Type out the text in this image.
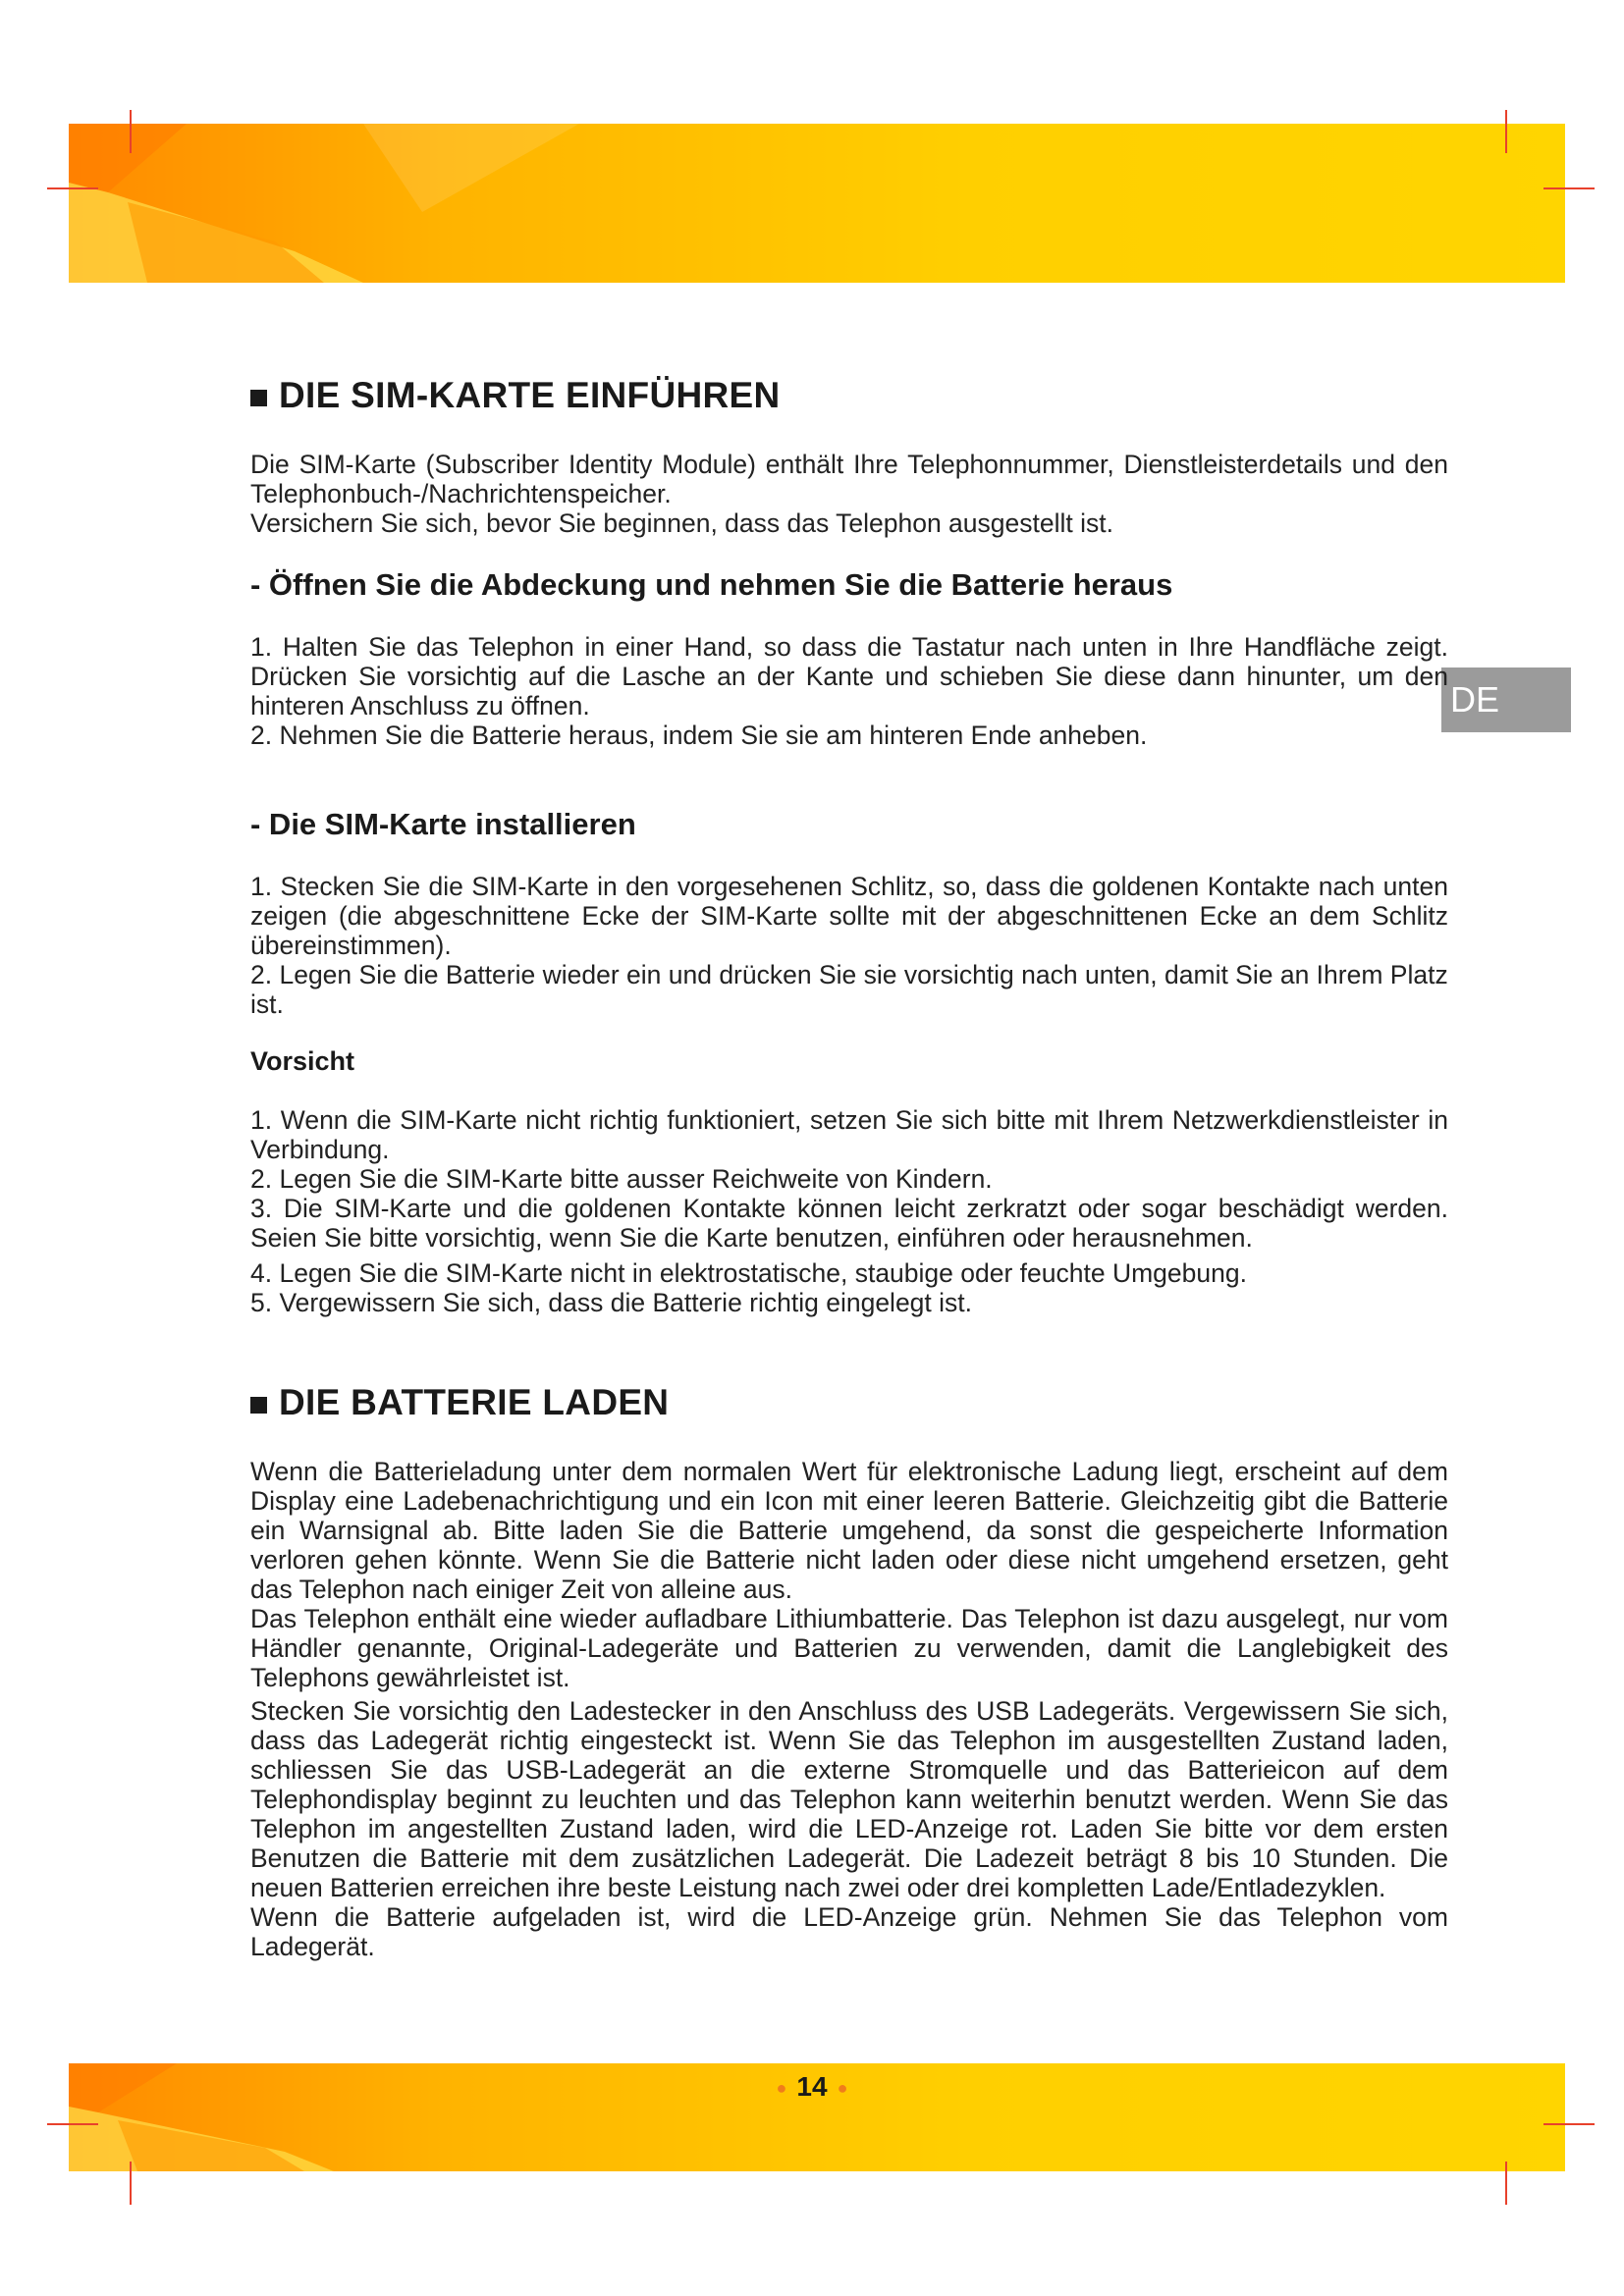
DE
DIE SIM-KARTE EINFÜHREN

Die SIM-Karte (Subscriber Identity Module) enthält Ihre Telephonnummer, Dienstleisterdetails und den Telephonbuch-/Nachrichtenspeicher.

Versichern Sie sich, bevor Sie beginnen, dass das Telephon ausgestellt ist.

- Öffnen Sie die Abdeckung und nehmen Sie die Batterie heraus

1. Halten Sie das Telephon in einer Hand, so dass die Tastatur nach unten in Ihre Handfläche zeigt. Drücken Sie vorsichtig auf die Lasche an der Kante und schieben Sie diese dann hinunter, um den hinteren Anschluss zu öffnen.

2. Nehmen Sie die Batterie heraus, indem Sie sie am hinteren Ende anheben.

- Die SIM-Karte installieren

1. Stecken Sie die SIM-Karte in den vorgesehenen Schlitz, so, dass die goldenen Kontakte nach unten zeigen (die abgeschnittene Ecke der SIM-Karte sollte mit der abgeschnittenen Ecke an dem Schlitz übereinstimmen).

2. Legen Sie die Batterie wieder ein und drücken Sie sie vorsichtig nach unten, damit Sie an Ihrem Platz ist.

Vorsicht

1. Wenn die SIM-Karte nicht richtig funktioniert, setzen Sie sich bitte mit Ihrem Netzwerkdienstleister in Verbindung.

2. Legen Sie die SIM-Karte bitte ausser Reichweite von Kindern.

3. Die SIM-Karte und die goldenen Kontakte können leicht zerkratzt oder sogar beschädigt werden. Seien Sie bitte vorsichtig, wenn Sie die Karte benutzen, einführen oder herausnehmen.

4. Legen Sie die SIM-Karte nicht in elektrostatische, staubige oder feuchte Umgebung.

5. Vergewissern Sie sich, dass die Batterie richtig eingelegt ist.

DIE BATTERIE LADEN

Wenn die Batterieladung unter dem normalen Wert für elektronische Ladung liegt, erscheint auf dem Display eine Ladebenachrichtigung und ein Icon mit einer leeren Batterie. Gleichzeitig gibt die Batterie ein Warnsignal ab. Bitte laden Sie die Batterie umgehend, da sonst die gespeicherte Information verloren gehen könnte. Wenn Sie die Batterie nicht laden oder diese nicht umgehend ersetzen, geht das Telephon nach einiger Zeit von alleine aus.

Das Telephon enthält eine wieder aufladbare Lithiumbatterie. Das Telephon ist dazu ausgelegt, nur vom Händler genannte, Original-Ladegeräte und Batterien zu verwenden, damit die Langlebigkeit des Telephons gewährleistet ist.

Stecken Sie vorsichtig den Ladestecker in den Anschluss des USB Ladegeräts. Vergewissern Sie sich, dass das Ladegerät richtig eingesteckt ist. Wenn Sie das Telephon im ausgestellten Zustand laden, schliessen Sie das USB-Ladegerät an die externe Stromquelle und das Batterieicon auf dem Telephondisplay beginnt zu leuchten und das Telephon kann weiterhin benutzt werden. Wenn Sie das Telephon im angestellten Zustand laden, wird die LED-Anzeige rot. Laden Sie bitte vor dem ersten Benutzen die Batterie mit dem zusätzlichen Ladegerät. Die Ladezeit beträgt 8 bis 10 Stunden. Die neuen Batterien erreichen ihre beste Leistung nach zwei oder drei kompletten Lade/Entladezyklen.

Wenn die Batterie aufgeladen ist, wird die LED-Anzeige grün. Nehmen Sie das Telephon vom Ladegerät.

● 14 ●
